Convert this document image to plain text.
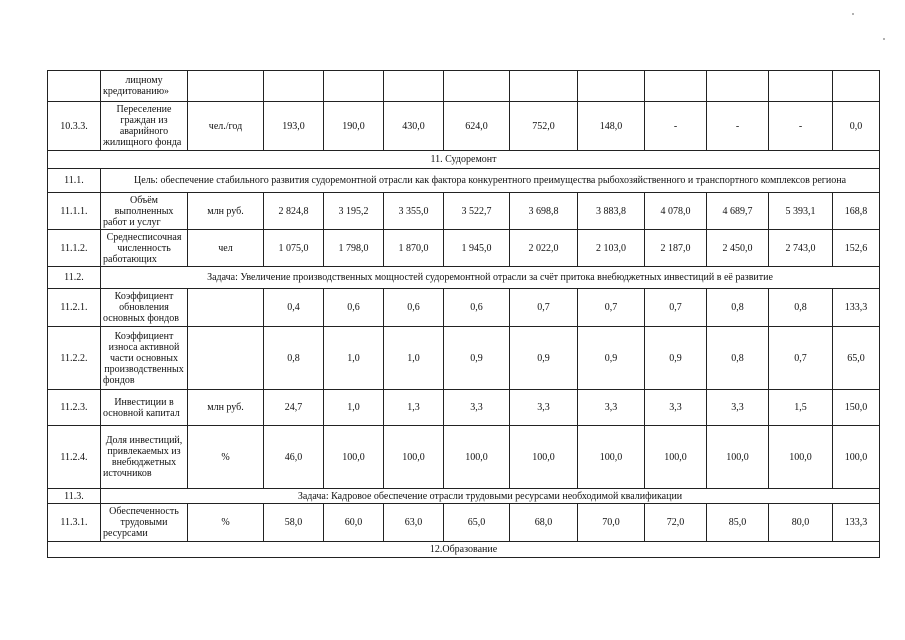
	лицному кредитованию»											
10.3.3.	Переселение граждан из аварийного жилищного фонда	чел./год	193,0	190,0	430,0	624,0	752,0	148,0	-	-	-	0,0
11. Судоремонт												
11.1.	Цель: обеспечение стабильного развития судоремонтной отрасли как фактора конкурентного преимущества рыбохозяйственного и транспортного комплексов региона											
11.1.1.	Объём выполненных работ и услуг	млн руб.	2 824,8	3 195,2	3 355,0	3 522,7	3 698,8	3 883,8	4 078,0	4 689,7	5 393,1	168,8
11.1.2.	Среднесписочная численность работающих	чел	1 075,0	1 798,0	1 870,0	1 945,0	2 022,0	2 103,0	2 187,0	2 450,0	2 743,0	152,6
11.2.	Задача: Увеличение производственных мощностей судоремонтной отрасли за счёт притока внебюджетных инвестиций в её развитие											
11.2.1.	Коэффициент обновления основных фондов		0,4	0,6	0,6	0,6	0,7	0,7	0,7	0,8	0,8	133,3
11.2.2.	Коэффициент износа активной части основных производственных фондов		0,8	1,0	1,0	0,9	0,9	0,9	0,9	0,8	0,7	65,0
11.2.3.	Инвестиции в основной капитал	млн руб.	24,7	1,0	1,3	3,3	3,3	3,3	3,3	3,3	1,5	150,0
11.2.4.	Доля инвестиций, привлекаемых из внебюджетных источников	%	46,0	100,0	100,0	100,0	100,0	100,0	100,0	100,0	100,0	100,0
11.3.	Задача: Кадровое обеспечение отрасли трудовыми ресурсами необходимой квалификации											
11.3.1.	Обеспеченность трудовыми ресурсами	%	58,0	60,0	63,0	65,0	68,0	70,0	72,0	85,0	80,0	133,3
12.Образование												
